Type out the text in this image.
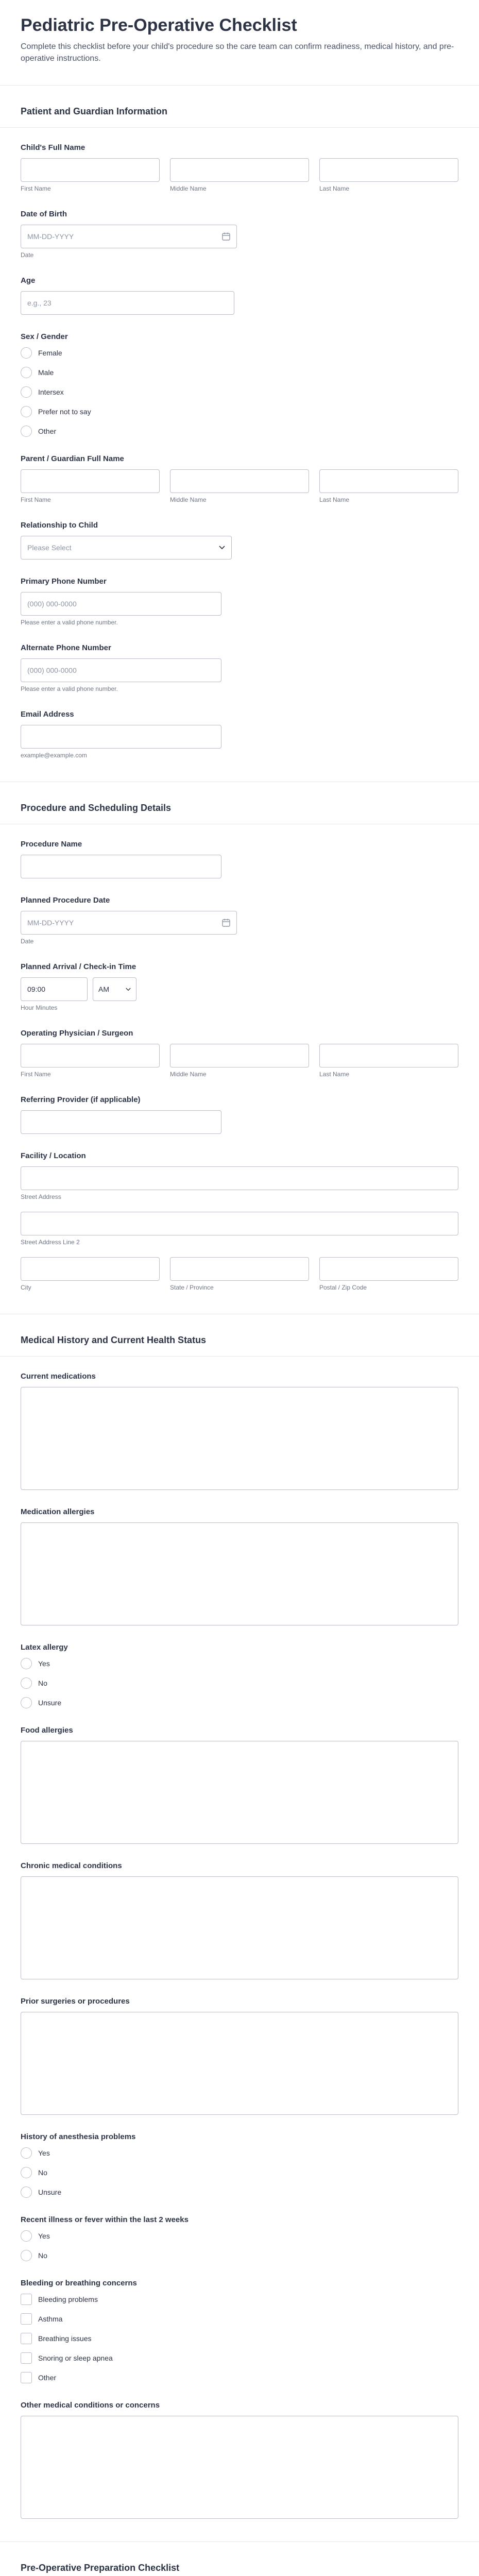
Pediatric Pre-Operative Checklist

Complete this checklist before your child's procedure so the care team can confirm readiness, medical history, and pre-operative instructions.

Patient and Guardian Information
Child's Full Name
First Name	Middle Name	Last Name
Date of Birth
MM-DD-YYYY
Date
Age
e.g., 23
Sex / Gender
Female
Male
Intersex
Prefer not to say
Other
Parent / Guardian Full Name
First Name	Middle Name	Last Name
Relationship to Child
Please Select
Primary Phone Number
(000) 000-0000
Please enter a valid phone number.
Alternate Phone Number
(000) 000-0000
Please enter a valid phone number.
Email Address
example@example.com
Procedure and Scheduling Details
Procedure Name
Planned Procedure Date
MM-DD-YYYY
Date
Planned Arrival / Check-in Time
09:00	AM
Hour Minutes
Operating Physician / Surgeon
First Name	Middle Name	Last Name
Referring Provider (if applicable)
Facility / Location
Street Address
Street Address Line 2
City	State / Province	Postal / Zip Code
Medical History and Current Health Status
Current medications
Medication allergies
Latex allergy
Yes
No
Unsure
Food allergies
Chronic medical conditions
Prior surgeries or procedures
History of anesthesia problems
Yes
No
Unsure
Recent illness or fever within the last 2 weeks
Yes
No
Bleeding or breathing concerns
Bleeding problems
Asthma
Breathing issues
Snoring or sleep apnea
Other
Other medical conditions or concerns
Pre-Operative Preparation Checklist
